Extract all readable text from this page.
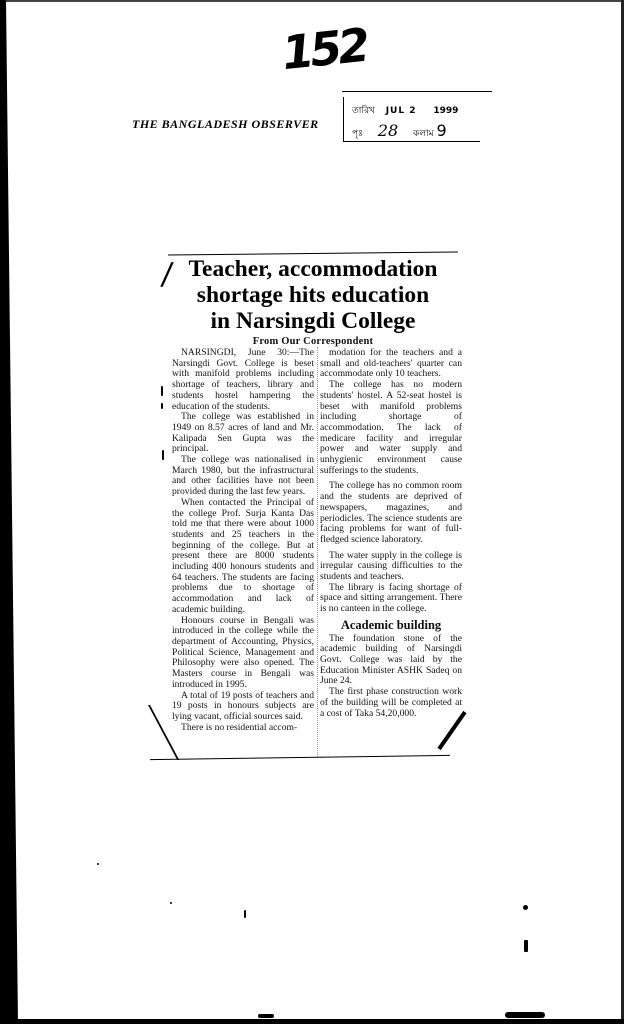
152
THE BANGLADESH OBSERVER
তারিখ JUL 2 1999
পৃঃ 28 কলাম 9
/ Teacher, accommodation
shortage hits education
in Narsingdi College
From Our Correspondent

NARSINGDI, June 30:—The Narsingdi Govt. College is beset with manifold problems including shortage of teachers, library and students hostel hampering the education of the students.

The college was established in 1949 on 8.57 acres of land and Mr. Kalipada Sen Gupta was the principal.

The college was nationalised in March 1980, but the infrastructural and other facilities have not been provided during the last few years.

When contacted the Principal of the college Prof. Surja Kanta Das told me that there were about 1000 students and 25 teachers in the beginning of the college. But at present there are 8000 students including 400 honours students and 64 teachers. The students are facing problems due to shortage of accommodation and lack of academic building.

Honours course in Bengali was introduced in the college while the department of Accounting, Physics, Political Science, Management and Philosophy were also opened. The Masters course in Bengali was introduced in 1995.

A total of 19 posts of teachers and 19 posts in honours subjects are lying vacant, official sources said.

There is no residential accom-

modation for the teachers and a small and old-teachers' quarter can accommodate only 10 teachers.

The college has no modern students' hostel. A 52-seat hostel is beset with manifold problems including shortage of accommodation. The lack of medicare facility and irregular power and water supply and unhygienic environment cause sufferings to the students.

The college has no common room and the students are deprived of newspapers, magazines, and periodicles. The science students are facing problems for want of full-fledged science laboratory.

The water supply in the college is irregular causing difficulties to the students and teachers.

The library is facing shortage of space and sitting arrangement. There is no canteen in the college.

Academic building

The foundation stone of the academic building of Narsingdi Govt. College was laid by the Education Minister ASHK Sadeq on June 24.

The first phase construction work of the building will be completed at a cost of Taka 54,20,000.
